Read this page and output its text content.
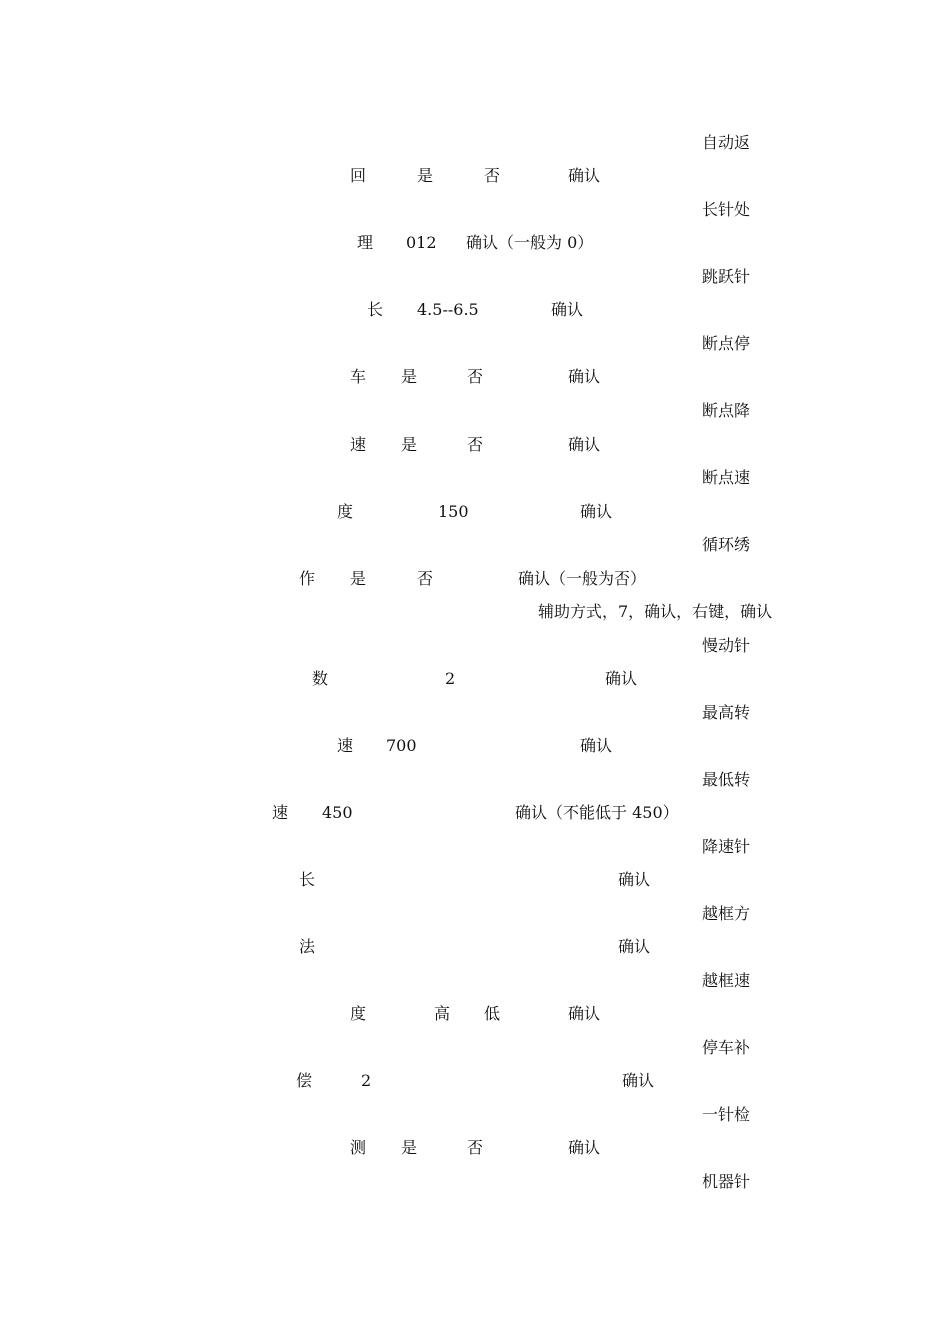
自动返
回	是	否	确认
长针处
理 012 确认（一般为 0）
跳跃针
长 4.5--6.5	确认
断点停
车 是	否	确认
断点降
速 是	否	确认
断点速
度	150	确认
循环绣
作 是	否	确认（一般为否）
辅助方式，7，确认，右键，确认
慢动针
数	2	确认
最高转
速 700	确认
最低转
速 450	确认（不能低于 450）
降速针
长	确认
越框方
法	确认
越框速
度	高 低	确认
停车补
偿	2	确认
一针检
测 是	否	确认
机器针
